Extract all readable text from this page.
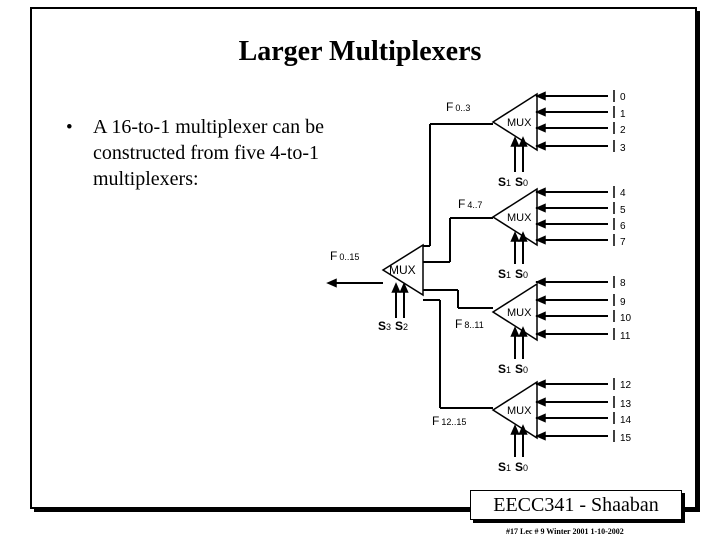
Larger Multiplexers
• A 16-to-1 multiplexer can be constructed from five 4-to-1 multiplexers:
MUX
F 0..3
0
1
2
3
S1 S0
MUX
F 4..7
4
5
6
7
S1 S0
MUX
F 8..11
8
9
10
11
S1 S0
MUX
F 12..15
12
13
14
15
S1 S0
MUX
F 0..15
S3 S2
EECC341 - Shaaban
#17 Lec # 9 Winter 2001 1-10-2002
